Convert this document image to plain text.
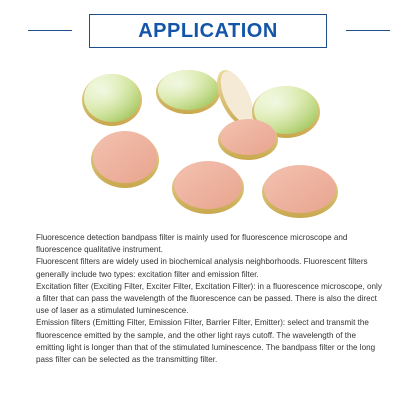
APPLICATION

Fluorescence detection bandpass filter is mainly used for fluorescence microscope and fluorescence qualitative instrument.

Fluorescent filters are widely used in biochemical analysis neighborhoods. Fluorescent filters generally include two types: excitation filter and emission filter.

Excitation filter (Exciting Filter, Exciter Filter, Excitation Filter): in a fluorescence microscope, only a filter that can pass the wavelength of the fluorescence can be passed. There is also the direct use of laser as a stimulated luminescence.

Emission filters (Emitting Filter, Emission Filter, Barrier Filter, Emitter): select and transmit the fluorescence emitted by the sample, and the other light rays cutoff. The wavelength of the emitting light is longer than that of the stimulated luminescence. The bandpass filter or the long pass filter can be selected as the transmitting filter.
